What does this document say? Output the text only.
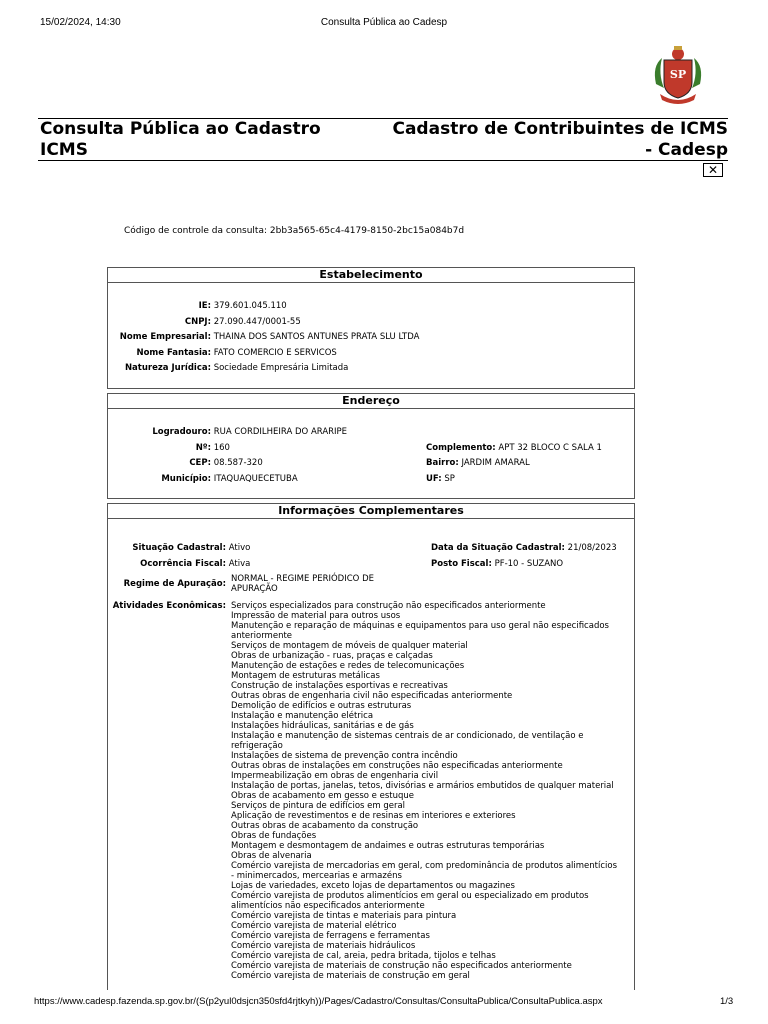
15/02/2024, 14:30	Consulta Pública ao Cadesp
SP
Consulta Pública ao Cadastro ICMS
Cadastro de Contribuintes de ICMS - Cadesp
✕
Código de controle da consulta: 2bb3a565-65c4-4179-8150-2bc15a084b7d
Estabelecimento
IE: 379.601.045.110
CNPJ: 27.090.447/0001-55
Nome Empresarial: THAINA DOS SANTOS ANTUNES PRATA SLU LTDA
Nome Fantasia: FATO COMERCIO E SERVICOS
Natureza Jurídica: Sociedade Empresária Limitada
Endereço
Logradouro: RUA CORDILHEIRA DO ARARIPE
Nº: 160	Complemento: APT 32 BLOCO C SALA 1
CEP: 08.587-320	Bairro: JARDIM AMARAL
Município: ITAQUAQUECETUBA	UF: SP
Informações Complementares
Situação Cadastral: Ativo	Data da Situação Cadastral: 21/08/2023
Ocorrência Fiscal: Ativa	Posto Fiscal: PF-10 - SUZANO
Regime de Apuração: NORMAL - REGIME PERIÓDICO DE
APURAÇÃO
Atividades Econômicas: Serviços especializados para construção não especificados anteriormente
Impressão de material para outros usos
Manutenção e reparação de máquinas e equipamentos para uso geral não especificados
anteriormente
Serviços de montagem de móveis de qualquer material
Obras de urbanização - ruas, praças e calçadas
Manutenção de estações e redes de telecomunicações
Montagem de estruturas metálicas
Construção de instalações esportivas e recreativas
Outras obras de engenharia civil não especificadas anteriormente
Demolição de edifícios e outras estruturas
Instalação e manutenção elétrica
Instalações hidráulicas, sanitárias e de gás
Instalação e manutenção de sistemas centrais de ar condicionado, de ventilação e
refrigeração
Instalações de sistema de prevenção contra incêndio
Outras obras de instalações em construções não especificadas anteriormente
Impermeabilização em obras de engenharia civil
Instalação de portas, janelas, tetos, divisórias e armários embutidos de qualquer material
Obras de acabamento em gesso e estuque
Serviços de pintura de edifícios em geral
Aplicação de revestimentos e de resinas em interiores e exteriores
Outras obras de acabamento da construção
Obras de fundações
Montagem e desmontagem de andaimes e outras estruturas temporárias
Obras de alvenaria
Comércio varejista de mercadorias em geral, com predominância de produtos alimentícios
- minimercados, mercearias e armazéns
Lojas de variedades, exceto lojas de departamentos ou magazines
Comércio varejista de produtos alimentícios em geral ou especializado em produtos
alimentícios não especificados anteriormente
Comércio varejista de tintas e materiais para pintura
Comércio varejista de material elétrico
Comércio varejista de ferragens e ferramentas
Comércio varejista de materiais hidráulicos
Comércio varejista de cal, areia, pedra britada, tijolos e telhas
Comércio varejista de materiais de construção não especificados anteriormente
Comércio varejista de materiais de construção em geral
https://www.cadesp.fazenda.sp.gov.br/(S(p2yul0dsjcn350sfd4rjtkyh))/Pages/Cadastro/Consultas/ConsultaPublica/ConsultaPublica.aspx	1/3
